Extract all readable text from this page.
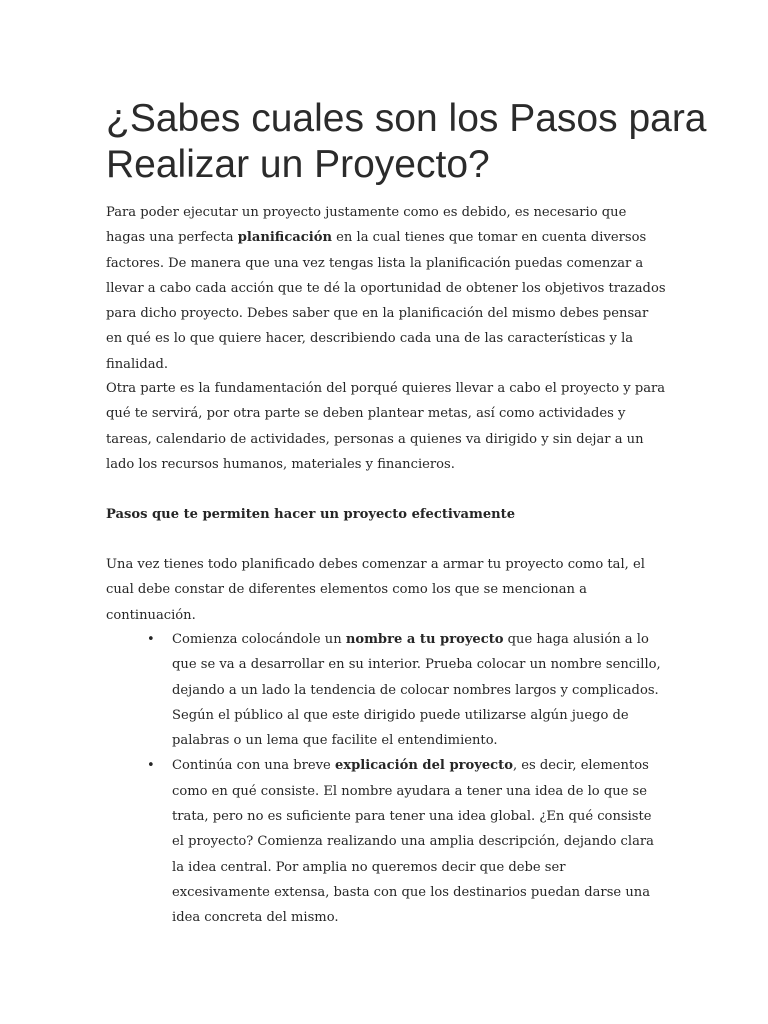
¿Sabes cuales son los Pasos para Realizar un Proyecto?

Para poder ejecutar un proyecto justamente como es debido, es necesario que hagas una perfecta planificación en la cual tienes que tomar en cuenta diversos factores. De manera que una vez tengas lista la planificación puedas comenzar a llevar a cabo cada acción que te dé la oportunidad de obtener los objetivos trazados para dicho proyecto. Debes saber que en la planificación del mismo debes pensar en qué es lo que quiere hacer, describiendo cada una de las características y la finalidad.

Otra parte es la fundamentación del porqué quieres llevar a cabo el proyecto y para qué te servirá, por otra parte se deben plantear metas, así como actividades y tareas, calendario de actividades, personas a quienes va dirigido y sin dejar a un lado los recursos humanos, materiales y financieros.

Pasos que te permiten hacer un proyecto efectivamente

Una vez tienes todo planificado debes comenzar a armar tu proyecto como tal, el cual debe constar de diferentes elementos como los que se mencionan a continuación.

• Comienza colocándole un nombre a tu proyecto que haga alusión a lo que se va a desarrollar en su interior. Prueba colocar un nombre sencillo, dejando a un lado la tendencia de colocar nombres largos y complicados. Según el público al que este dirigido puede utilizarse algún juego de palabras o un lema que facilite el entendimiento.
• Continúa con una breve explicación del proyecto, es decir, elementos como en qué consiste. El nombre ayudara a tener una idea de lo que se trata, pero no es suficiente para tener una idea global. ¿En qué consiste el proyecto? Comienza realizando una amplia descripción, dejando clara la idea central. Por amplia no queremos decir que debe ser excesivamente extensa, basta con que los destinarios puedan darse una idea concreta del mismo.
